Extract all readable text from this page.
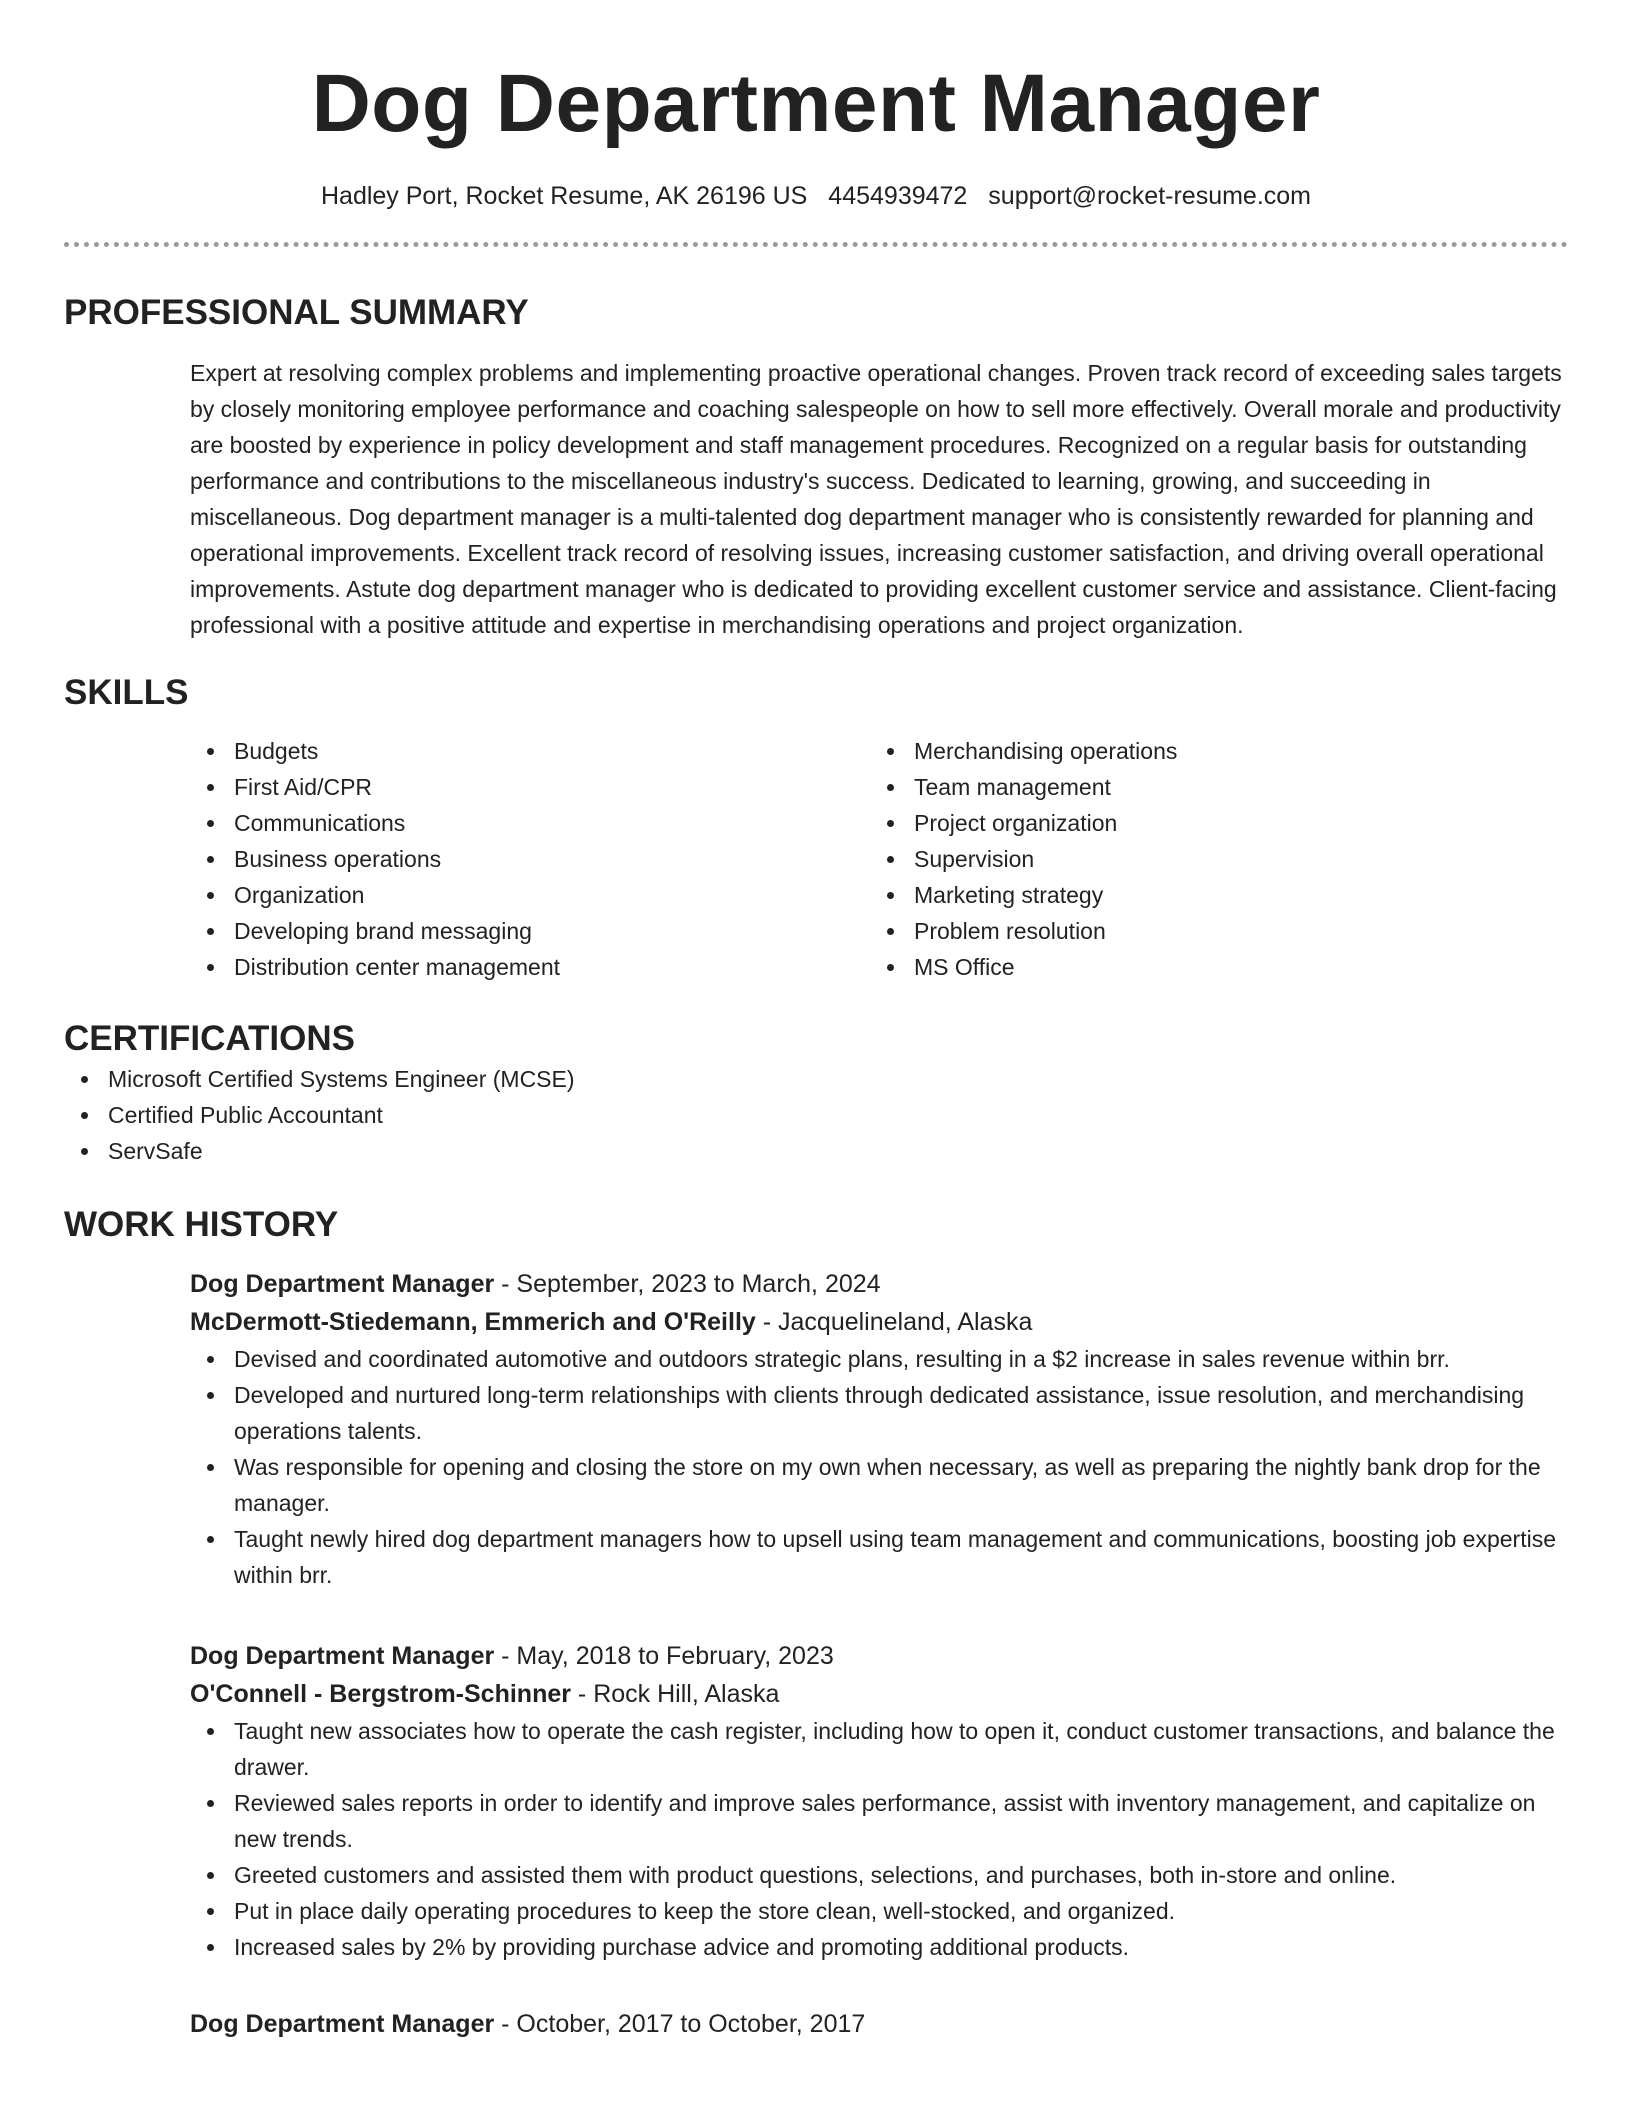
Dog Department Manager
Hadley Port, Rocket Resume, AK 26196 US 4454939472 support@rocket-resume.com
PROFESSIONAL SUMMARY

Expert at resolving complex problems and implementing proactive operational changes. Proven track record of exceeding sales targets by closely monitoring employee performance and coaching salespeople on how to sell more effectively. Overall morale and productivity are boosted by experience in policy development and staff management procedures. Recognized on a regular basis for outstanding performance and contributions to the miscellaneous industry's success. Dedicated to learning, growing, and succeeding in miscellaneous. Dog department manager is a multi-talented dog department manager who is consistently rewarded for planning and operational improvements. Excellent track record of resolving issues, increasing customer satisfaction, and driving overall operational improvements. Astute dog department manager who is dedicated to providing excellent customer service and assistance. Client-facing professional with a positive attitude and expertise in merchandising operations and project organization.

SKILLS
Budgets
First Aid/CPR
Communications
Business operations
Organization
Developing brand messaging
Distribution center management
Merchandising operations
Team management
Project organization
Supervision
Marketing strategy
Problem resolution
MS Office
CERTIFICATIONS
Microsoft Certified Systems Engineer (MCSE)
Certified Public Accountant
ServSafe
WORK HISTORY
Dog Department Manager - September, 2023 to March, 2024
McDermott-Stiedemann, Emmerich and O'Reilly - Jacquelineland, Alaska
Devised and coordinated automotive and outdoors strategic plans, resulting in a $2 increase in sales revenue within brr.
Developed and nurtured long-term relationships with clients through dedicated assistance, issue resolution, and merchandising operations talents.
Was responsible for opening and closing the store on my own when necessary, as well as preparing the nightly bank drop for the manager.
Taught newly hired dog department managers how to upsell using team management and communications, boosting job expertise within brr.
Dog Department Manager - May, 2018 to February, 2023
O'Connell - Bergstrom-Schinner - Rock Hill, Alaska
Taught new associates how to operate the cash register, including how to open it, conduct customer transactions, and balance the drawer.
Reviewed sales reports in order to identify and improve sales performance, assist with inventory management, and capitalize on new trends.
Greeted customers and assisted them with product questions, selections, and purchases, both in-store and online.
Put in place daily operating procedures to keep the store clean, well-stocked, and organized.
Increased sales by 2% by providing purchase advice and promoting additional products.
Dog Department Manager - October, 2017 to October, 2017
